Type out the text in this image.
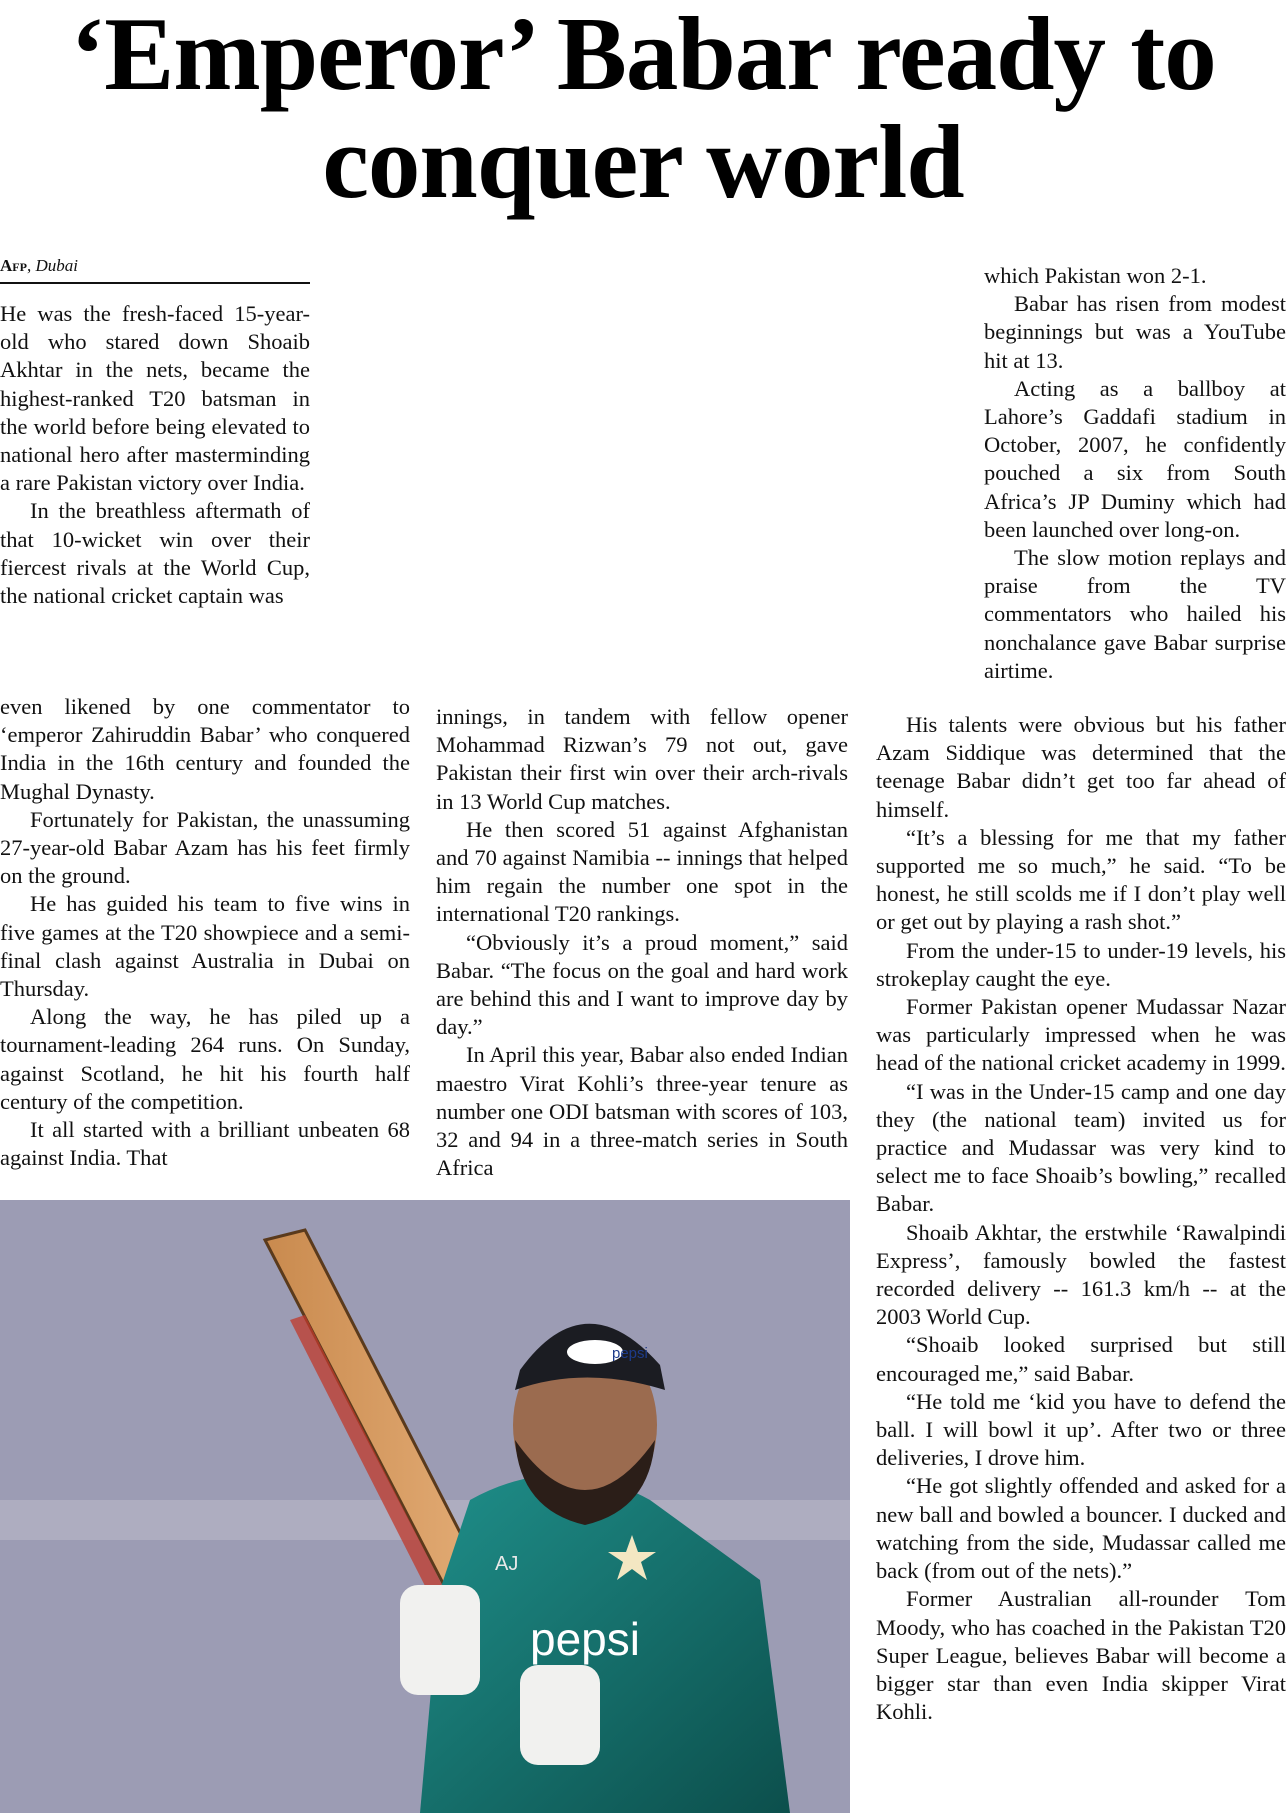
‘Emperor’ Babar ready to
conquer world
Afp, Dubai

He was the fresh-faced 15-year-old who stared down Shoaib Akhtar in the nets, became the highest-ranked T20 batsman in the world before being elevated to national hero after masterminding a rare Pakistan victory over India.

In the breathless aftermath of that 10-wicket win over their fiercest rivals at the World Cup, the national cricket captain was

even likened by one commentator to ‘emperor Zahiruddin Babar’ who conquered India in the 16th century and founded the Mughal Dynasty.

Fortunately for Pakistan, the unassuming 27-year-old Babar Azam has his feet firmly on the ground.

He has guided his team to five wins in five games at the T20 showpiece and a semi-final clash against Australia in Dubai on Thursday.

Along the way, he has piled up a tournament-leading 264 runs. On Sunday, against Scotland, he hit his fourth half century of the competition.

It all started with a brilliant unbeaten 68 against India. That

innings, in tandem with fellow opener Mohammad Rizwan’s 79 not out, gave Pakistan their first win over their arch-rivals in 13 World Cup matches.

He then scored 51 against Afghanistan and 70 against Namibia -- innings that helped him regain the number one spot in the international T20 rankings.

“Obviously it’s a proud moment,” said Babar. “The focus on the goal and hard work are behind this and I want to improve day by day.”

In April this year, Babar also ended Indian maestro Virat Kohli’s three-year tenure as number one ODI batsman with scores of 103, 32 and 94 in a three-match series in South Africa

which Pakistan won 2-1.

Babar has risen from modest beginnings but was a YouTube hit at 13.

Acting as a ballboy at Lahore’s Gaddafi stadium in October, 2007, he confidently pouched a six from South Africa’s JP Duminy which had been launched over long-on.

The slow motion replays and praise from the TV commentators who hailed his nonchalance gave Babar surprise airtime.

His talents were obvious but his father Azam Siddique was determined that the teenage Babar didn’t get too far ahead of himself.

“It’s a blessing for me that my father supported me so much,” he said. “To be honest, he still scolds me if I don’t play well or get out by playing a rash shot.”

From the under-15 to under-19 levels, his strokeplay caught the eye.

Former Pakistan opener Mudassar Nazar was particularly impressed when he was head of the national cricket academy in 1999.

“I was in the Under-15 camp and one day they (the national team) invited us for practice and Mudassar was very kind to select me to face Shoaib’s bowling,” recalled Babar.

Shoaib Akhtar, the erstwhile ‘Rawalpindi Express’, famously bowled the fastest recorded delivery -- 161.3 km/h -- at the 2003 World Cup.

“Shoaib looked surprised but still encouraged me,” said Babar.

“He told me ‘kid you have to defend the ball. I will bowl it up’. After two or three deliveries, I drove him.

“He got slightly offended and asked for a new ball and bowled a bouncer. I ducked and watching from the side, Mudassar called me back (from out of the nets).”

Former Australian all-rounder Tom Moody, who has coached in the Pakistan T20 Super League, believes Babar will become a bigger star than even India skipper Virat Kohli.

pepsi
pepsi
AJ
